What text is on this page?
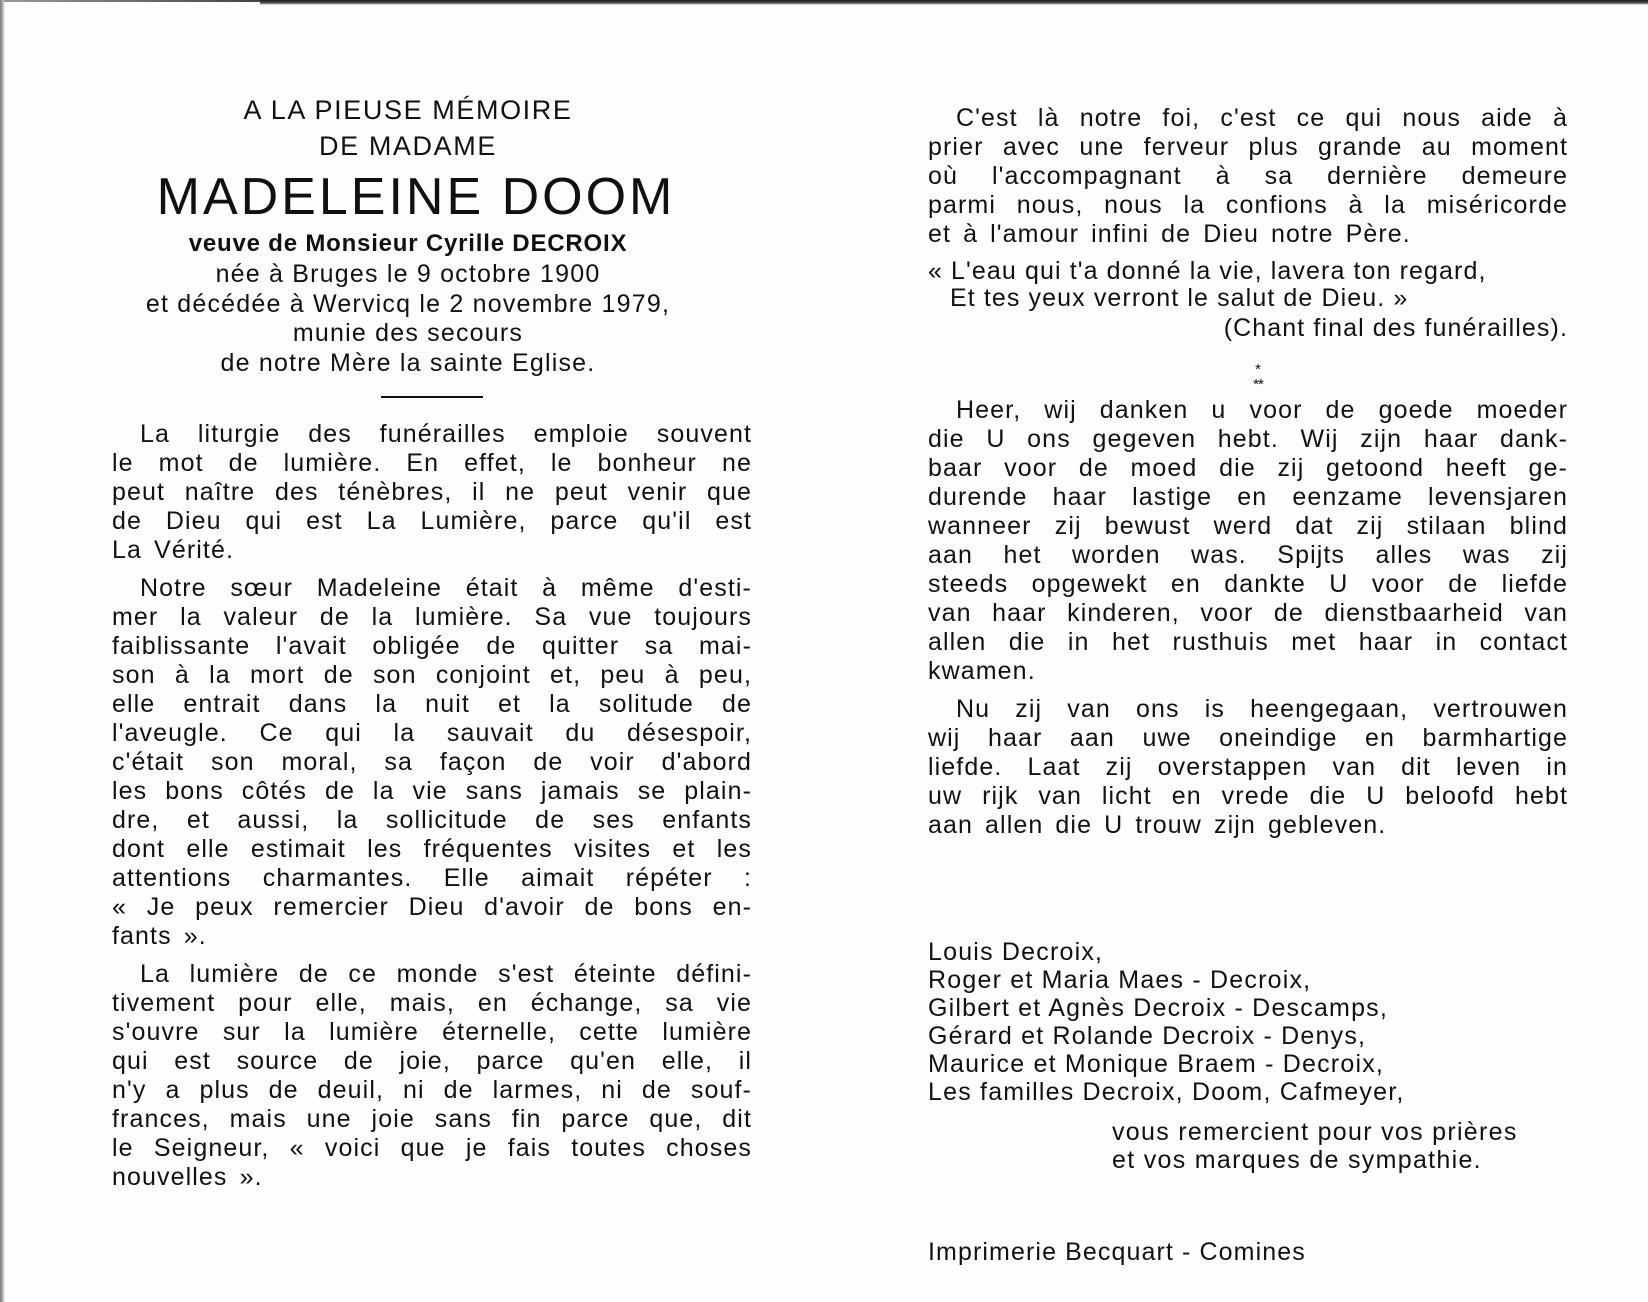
A LA PIEUSE MÉMOIRE

DE MADAME

MADELEINE DOOM

veuve de Monsieur Cyrille DECROIX

née à Bruges le 9 octobre 1900

et décédée à Wervicq le 2 novembre 1979,

munie des secours

de notre Mère la sainte Eglise.

La liturgie des funérailles emploie souvent
le mot de lumière. En effet, le bonheur ne
peut naître des ténèbres, il ne peut venir que
de Dieu qui est La Lumière, parce qu'il est
La Vérité.
Notre sœur Madeleine était à même d'esti-
mer la valeur de la lumière. Sa vue toujours
faiblissante l'avait obligée de quitter sa mai-
son à la mort de son conjoint et, peu à peu,
elle entrait dans la nuit et la solitude de
l'aveugle. Ce qui la sauvait du désespoir,
c'était son moral, sa façon de voir d'abord
les bons côtés de la vie sans jamais se plain-
dre, et aussi, la sollicitude de ses enfants
dont elle estimait les fréquentes visites et les
attentions charmantes. Elle aimait répéter :
« Je peux remercier Dieu d'avoir de bons en-
fants ».
La lumière de ce monde s'est éteinte défini-
tivement pour elle, mais, en échange, sa vie
s'ouvre sur la lumière éternelle, cette lumière
qui est source de joie, parce qu'en elle, il
n'y a plus de deuil, ni de larmes, ni de souf-
frances, mais une joie sans fin parce que, dit
le Seigneur, « voici que je fais toutes choses
nouvelles ».
C'est là notre foi, c'est ce qui nous aide à
prier avec une ferveur plus grande au moment
où l'accompagnant à sa dernière demeure
parmi nous, nous la confions à la miséricorde
et à l'amour infini de Dieu notre Père.
« L'eau qui t'a donné la vie, lavera ton regard,
Et tes yeux verront le salut de Dieu. »
(Chant final des funérailles).
*
**
Heer, wij danken u voor de goede moeder
die U ons gegeven hebt. Wij zijn haar dank-
baar voor de moed die zij getoond heeft ge-
durende haar lastige en eenzame levensjaren
wanneer zij bewust werd dat zij stilaan blind
aan het worden was. Spijts alles was zij
steeds opgewekt en dankte U voor de liefde
van haar kinderen, voor de dienstbaarheid van
allen die in het rusthuis met haar in contact
kwamen.
Nu zij van ons is heengegaan, vertrouwen
wij haar aan uwe oneindige en barmhartige
liefde. Laat zij overstappen van dit leven in
uw rijk van licht en vrede die U beloofd hebt
aan allen die U trouw zijn gebleven.
Louis Decroix,
Roger et Maria Maes - Decroix,
Gilbert et Agnès Decroix - Descamps,
Gérard et Rolande Decroix - Denys,
Maurice et Monique Braem - Decroix,
Les familles Decroix, Doom, Cafmeyer,
vous remercient pour vos prières
et vos marques de sympathie.
Imprimerie Becquart - Comines
